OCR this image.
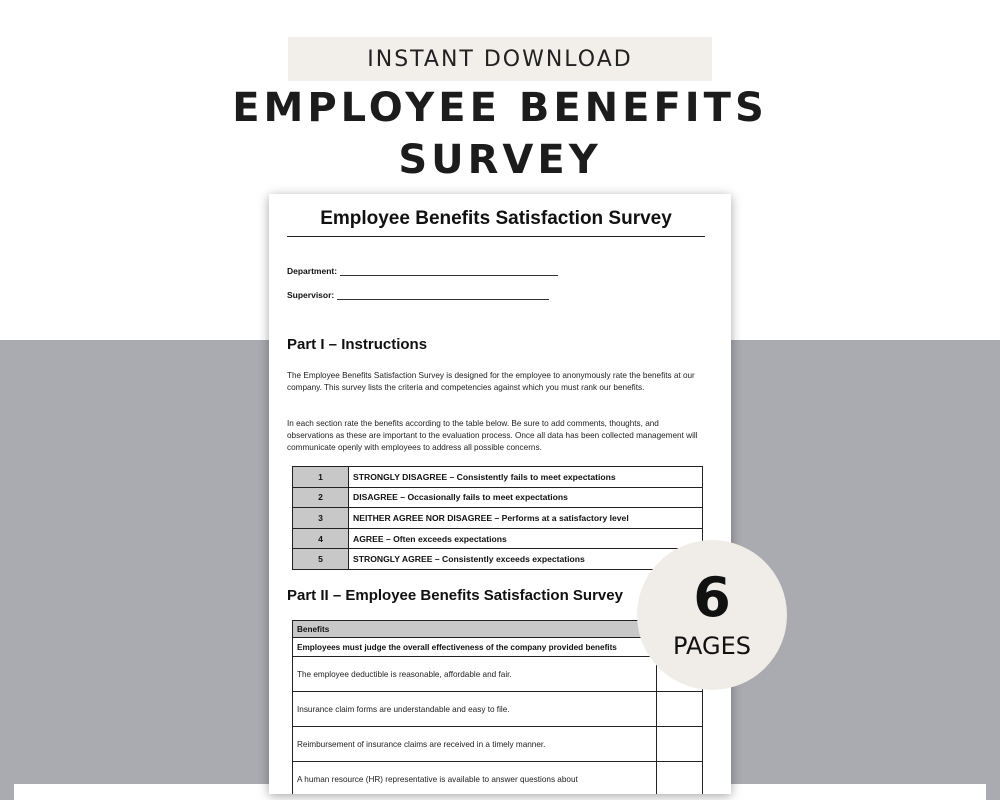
INSTANT DOWNLOAD
EMPLOYEE BENEFITS
SURVEY
Employee Benefits Satisfaction Survey
Department:
Supervisor:
Part I – Instructions
The Employee Benefits Satisfaction Survey is designed for the employee to anonymously rate the benefits at our company. This survey lists the criteria and competencies against which you must rank our benefits.
In each section rate the benefits according to the table below. Be sure to add comments, thoughts, and observations as these are important to the evaluation process. Once all data has been collected management will communicate openly with employees to address all possible concerns.
1	STRONGLY DISAGREE – Consistently fails to meet expectations
2	DISAGREE – Occasionally fails to meet expectations
3	NEITHER AGREE NOR DISAGREE – Performs at a satisfactory level
4	AGREE – Often exceeds expectations
5	STRONGLY AGREE – Consistently exceeds expectations
Part II – Employee Benefits Satisfaction Survey
Benefits	
Employees must judge the overall effectiveness of the company provided benefits	
The employee deductible is reasonable, affordable and fair.	
Insurance claim forms are understandable and easy to file.	
Reimbursement of insurance claims are received in a timely manner.	
A human resource (HR) representative is available to answer questions about	
6
PAGES
